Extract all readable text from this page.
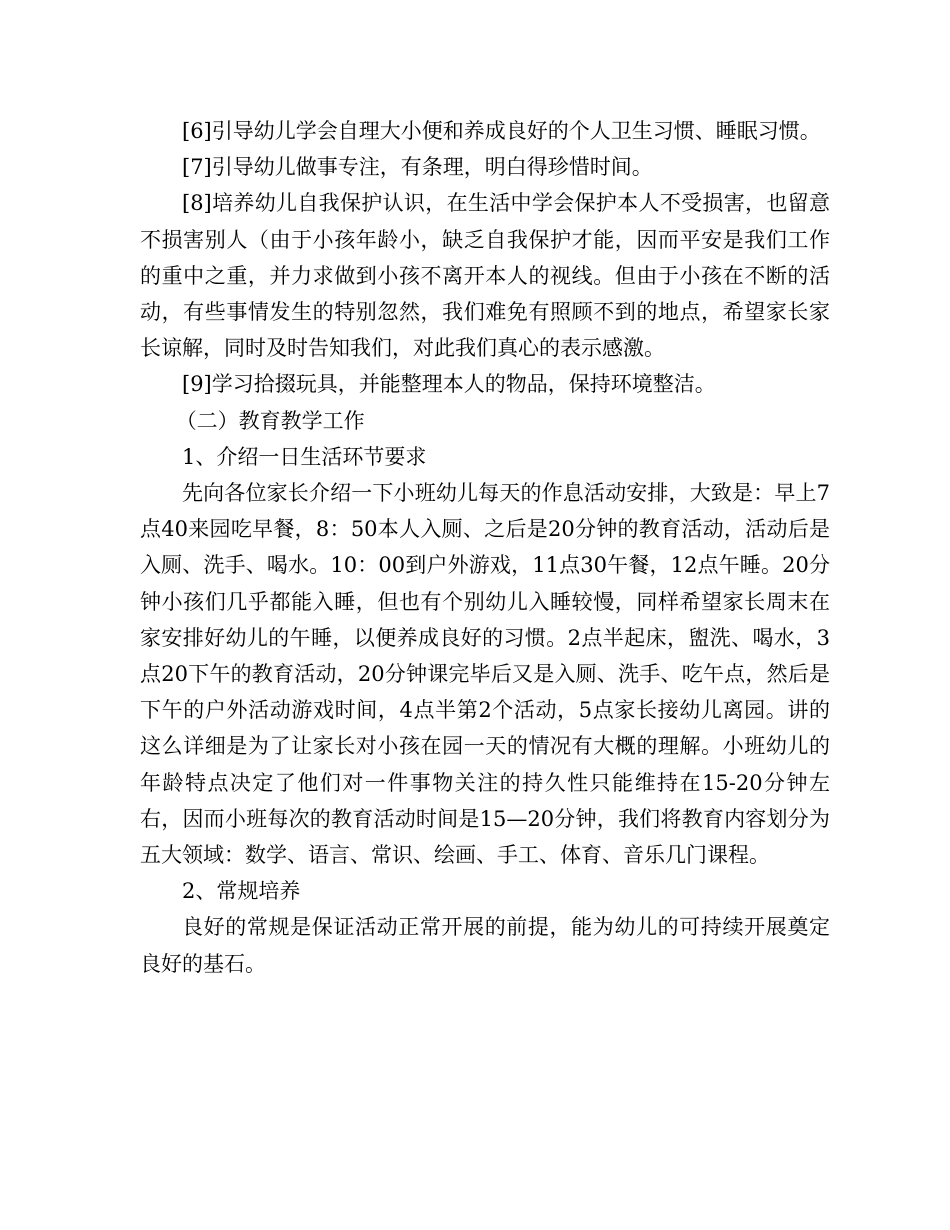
[6]引导幼儿学会自理大小便和养成良好的个人卫生习惯、睡眠习惯。

[7]引导幼儿做事专注，有条理，明白得珍惜时间。

[8]培养幼儿自我保护认识，在生活中学会保护本人不受损害，也留意不损害别人（由于小孩年龄小，缺乏自我保护才能，因而平安是我们工作的重中之重，并力求做到小孩不离开本人的视线。但由于小孩在不断的活动，有些事情发生的特别忽然，我们难免有照顾不到的地点，希望家长家长谅解，同时及时告知我们，对此我们真心的表示感激。

[9]学习拾掇玩具，并能整理本人的物品，保持环境整洁。

（二）教育教学工作

1、介绍一日生活环节要求

先向各位家长介绍一下小班幼儿每天的作息活动安排，大致是：早上7点40来园吃早餐，8：50本人入厕、之后是20分钟的教育活动，活动后是入厕、洗手、喝水。10：00到户外游戏，11点30午餐，12点午睡。20分钟小孩们几乎都能入睡，但也有个别幼儿入睡较慢，同样希望家长周末在家安排好幼儿的午睡，以便养成良好的习惯。2点半起床，盥洗、喝水，3点20下午的教育活动，20分钟课完毕后又是入厕、洗手、吃午点，然后是下午的户外活动游戏时间，4点半第2个活动，5点家长接幼儿离园。讲的这么详细是为了让家长对小孩在园一天的情况有大概的理解。小班幼儿的年龄特点决定了他们对一件事物关注的持久性只能维持在15-20分钟左右，因而小班每次的教育活动时间是15—20分钟，我们将教育内容划分为五大领域：数学、语言、常识、绘画、手工、体育、音乐几门课程。

2、常规培养

良好的常规是保证活动正常开展的前提，能为幼儿的可持续开展奠定良好的基石。
